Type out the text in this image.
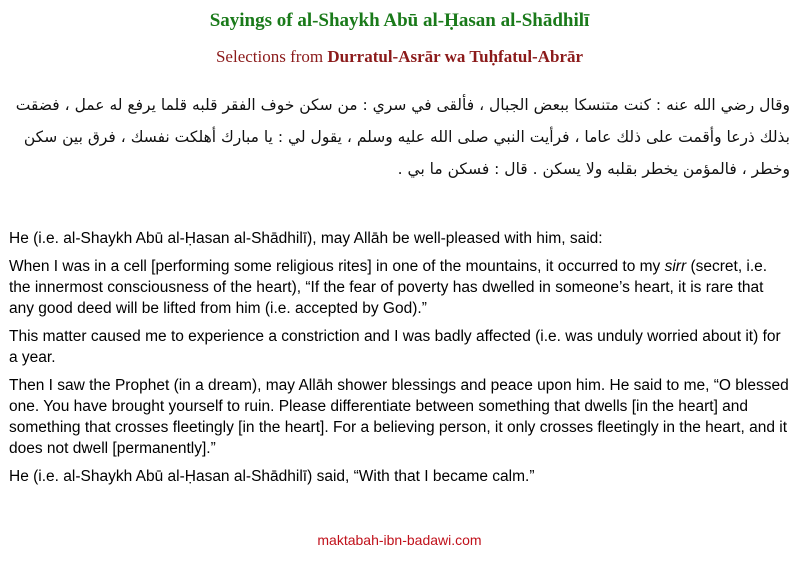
Sayings of al-Shaykh Abū al-Ḥasan al-Shādhilī
Selections from Durratul-Asrār wa Tuḥfatul-Abrār
وقال رضي الله عنه : كنت متنسكا ببعض الجبال ، فألقى في سري : من سكن خوف الفقر قلبه قلما يرفع له عمل ، فضقت بذلك ذرعا وأقمت على ذلك عاما ، فرأيت النبي صلى الله عليه وسلم ، يقول لي : يا مبارك أهلكت نفسك ، فرق بين سكن وخطر ، فالمؤمن يخطر بقلبه ولا يسكن . قال : فسكن ما بي .

He (i.e. al-Shaykh Abū al-Ḥasan al-Shādhilī), may Allāh be well-pleased with him, said:

When I was in a cell [performing some religious rites] in one of the mountains, it occurred to my sirr (secret, i.e. the innermost consciousness of the heart), “If the fear of poverty has dwelled in someone’s heart, it is rare that any good deed will be lifted from him (i.e. accepted by God).”

This matter caused me to experience a constriction and I was badly affected (i.e. was unduly worried about it) for a year.

Then I saw the Prophet (in a dream), may Allāh shower blessings and peace upon him. He said to me, “O blessed one. You have brought yourself to ruin. Please differentiate between something that dwells [in the heart] and something that crosses fleetingly [in the heart]. For a believing person, it only crosses fleetingly in the heart, and it does not dwell [permanently].”

He (i.e. al-Shaykh Abū al-Ḥasan al-Shādhilī) said, “With that I became calm.”

maktabah-ibn-badawi.com
